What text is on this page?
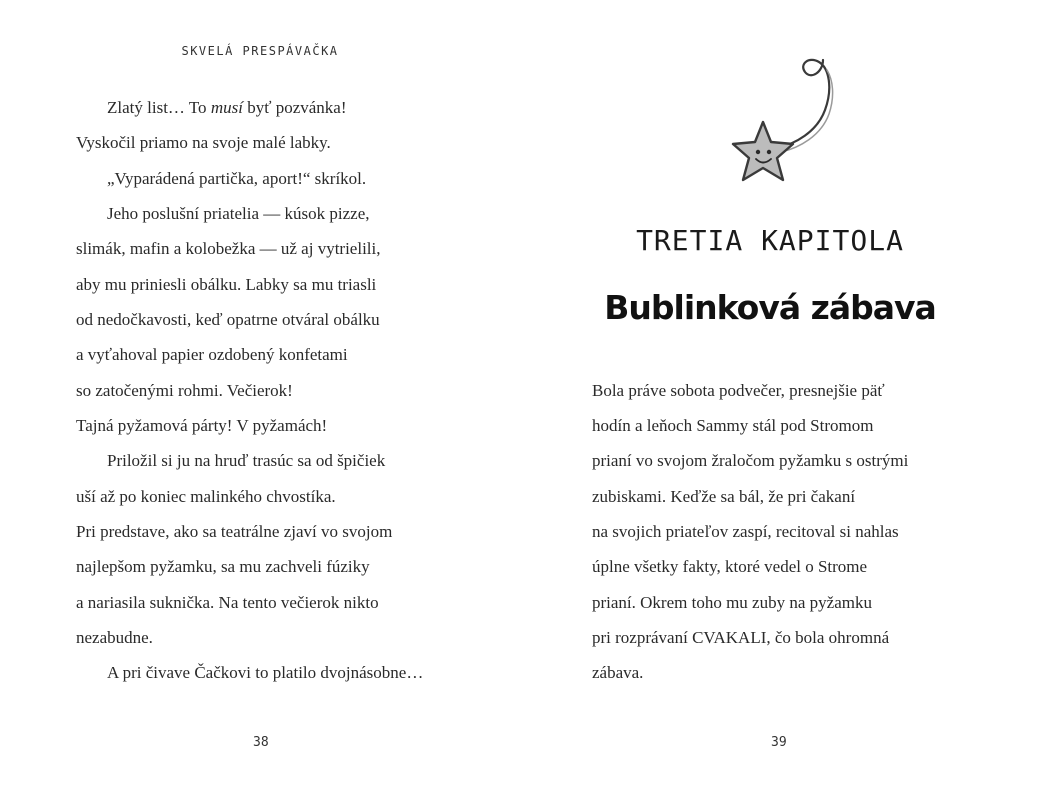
SKVELÁ PRESPÁVAČKA
Zlatý list… To musí byť pozvánka!
Vyskočil priamo na svoje malé labky.
„Vyparádená partička, aport!“ skríkol.
Jeho poslušní priatelia — kúsok pizze,
slimák, mafin a kolobežka — už aj vytrielili,
aby mu priniesli obálku. Labky sa mu triasli
od nedočkavosti, keď opatrne otváral obálku
a vyťahoval papier ozdobený konfetami
so zatočenými rohmi. Večierok!
Tajná pyžamová párty! V pyžamách!
Priložil si ju na hruď trasúc sa od špičiek
uší až po koniec malinkého chvostíka.
Pri predstave, ako sa teatrálne zjaví vo svojom
najlepšom pyžamku, sa mu zachveli fúziky
a nariasila suknička. Na tento večierok nikto
nezabudne.
A pri čivave Čačkovi to platilo dvojnásobne…
38
TRETIA KAPITOLA
Bublinková zábava
Bola práve sobota podvečer, presnejšie päť
hodín a leňoch Sammy stál pod Stromom
prianí vo svojom žraločom pyžamku s ostrými
zubiskami. Keďže sa bál, že pri čakaní
na svojich priateľov zaspí, recitoval si nahlas
úplne všetky fakty, ktoré vedel o Strome
prianí. Okrem toho mu zuby na pyžamku
pri rozprávaní CVAKALI, čo bola ohromná
zábava.
39
